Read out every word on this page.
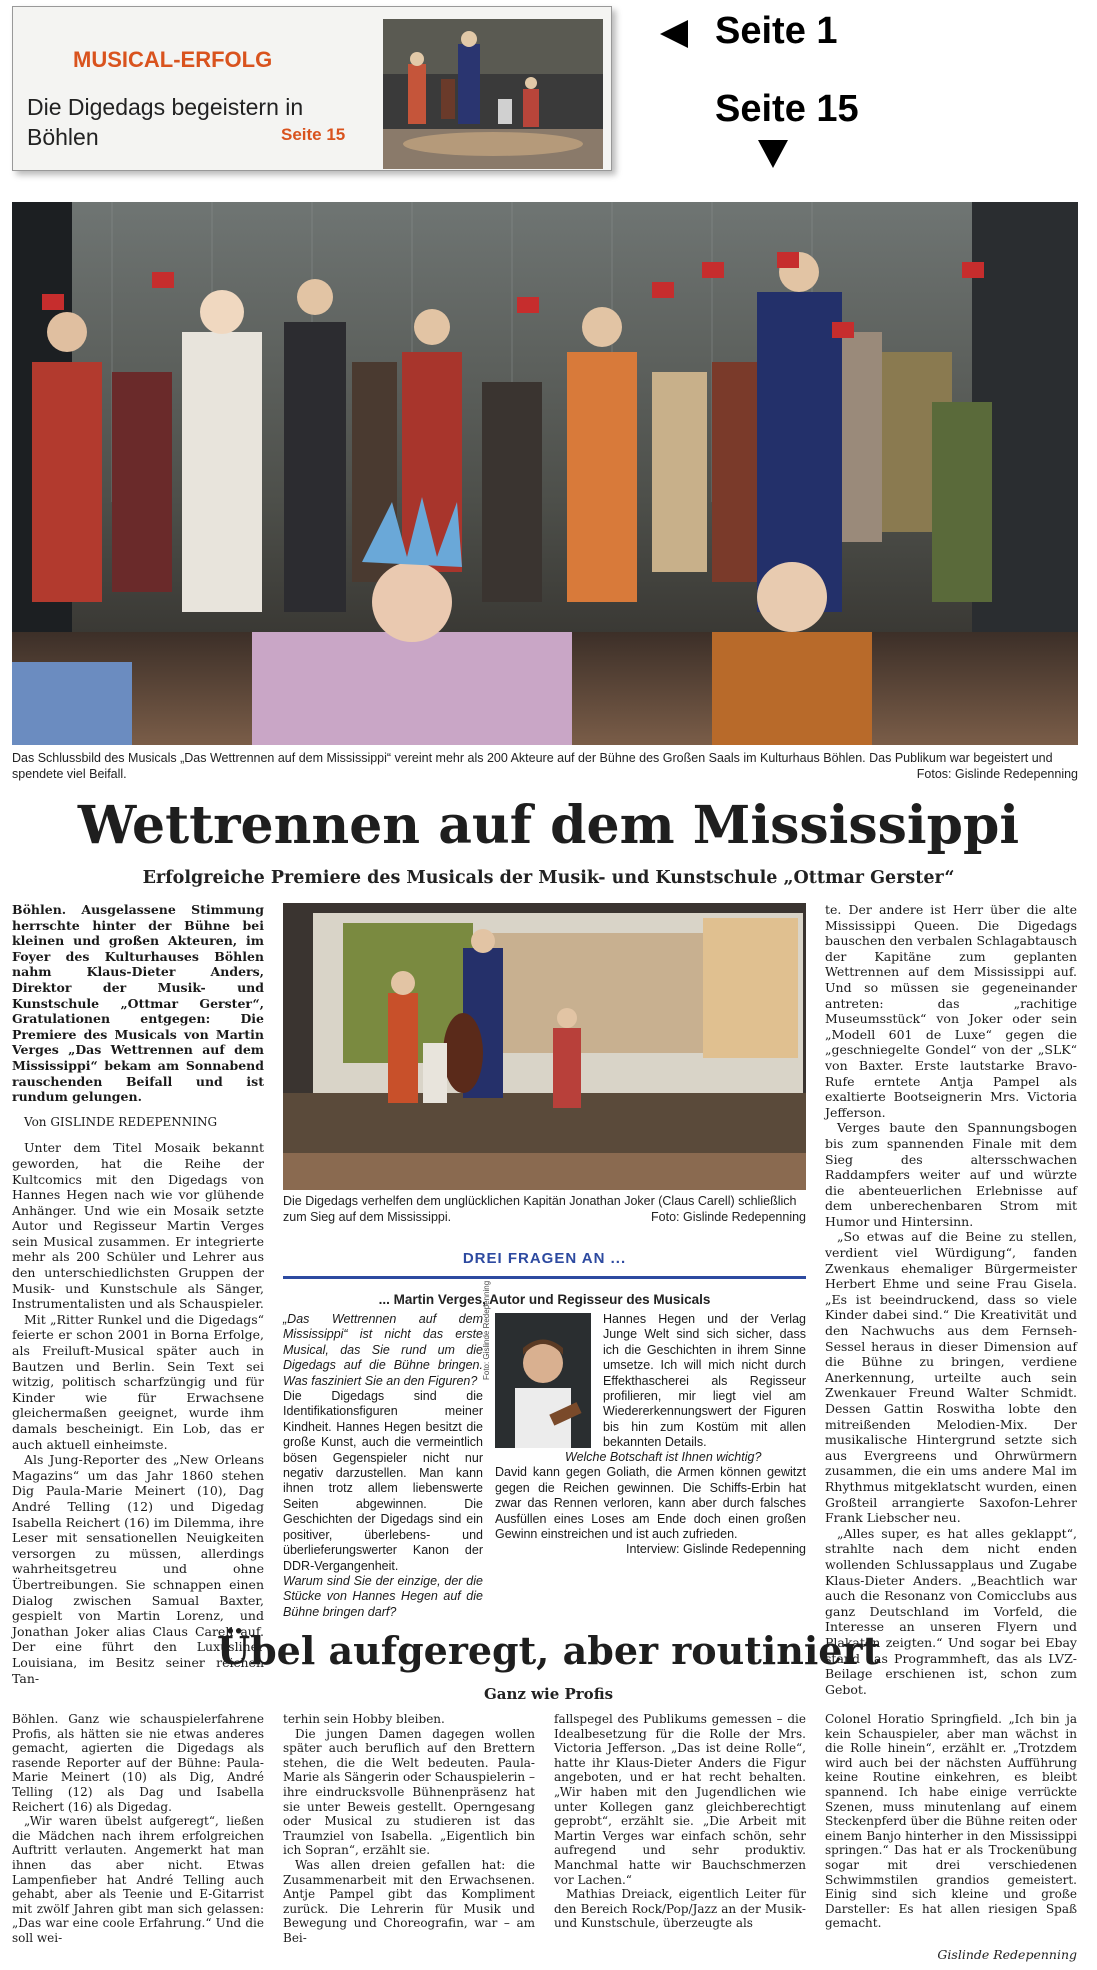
MUSICAL-ERFOLG
Die Digedags begeistern in Böhlen	Seite 15
Seite 1
Seite 15
Das Schlussbild des Musicals „Das Wettrennen auf dem Mississippi“ vereint mehr als 200 Akteure auf der Bühne des Großen Saals im Kulturhaus Böhlen. Das Publikum war begeistert und spendete viel Beifall.	Fotos: Gislinde Redepenning
Wettrennen auf dem Mississippi
Erfolgreiche Premiere des Musicals der Musik- und Kunstschule „Ottmar Gerster“

Böhlen. Ausgelassene Stimmung herrschte hinter der Bühne bei kleinen und großen Akteuren, im Foyer des Kulturhauses Böhlen nahm Klaus-Dieter Anders, Direktor der Musik- und Kunstschule „Ottmar Gerster“, Gratulationen entgegen: Die Premiere des Musicals von Martin Verges „Das Wettrennen auf dem Mississippi“ bekam am Sonnabend rauschenden Beifall und ist rundum gelungen.

Von GISLINDE REDEPENNING

Unter dem Titel Mosaik bekannt geworden, hat die Reihe der Kultcomics mit den Digedags von Hannes Hegen nach wie vor glühende Anhänger. Und wie ein Mosaik setzte Autor und Regisseur Martin Verges sein Musical zusammen. Er integrierte mehr als 200 Schüler und Lehrer aus den unterschiedlichsten Gruppen der Musik- und Kunstschule als Sänger, Instrumentalisten und als Schauspieler.

Mit „Ritter Runkel und die Digedags“ feierte er schon 2001 in Borna Erfolge, als Freiluft-Musical später auch in Bautzen und Berlin. Sein Text sei witzig, politisch scharfzüngig und für Kinder wie für Erwachsene gleichermaßen geeignet, wurde ihm damals bescheinigt. Ein Lob, das er auch aktuell einheimste.

Als Jung-Reporter des „New Orleans Magazins“ um das Jahr 1860 stehen Dig Paula-Marie Meinert (10), Dag André Telling (12) und Digedag Isabella Reichert (16) im Dilemma, ihre Leser mit sensationellen Neuigkeiten versorgen zu müssen, allerdings wahrheitsgetreu und ohne Übertreibungen. Sie schnappen einen Dialog zwischen Samual Baxter, gespielt von Martin Lorenz, und Jonathan Joker alias Claus Carell auf. Der eine führt den Luxusliner Louisiana, im Besitz seiner reichen Tan-

Die Digedags verhelfen dem unglücklichen Kapitän Jonathan Joker (Claus Carell) schließlich zum Sieg auf dem Mississippi.	Foto: Gislinde Redepenning
DREI FRAGEN AN ...
... Martin Verges, Autor und Regisseur des Musicals

„Das Wettrennen auf dem Mississippi“ ist nicht das erste Musical, das Sie rund um die Digedags auf die Bühne bringen. Was fasziniert Sie an den Figuren?

Die Digedags sind die Identifikationsfiguren meiner Kindheit. Hannes Hegen besitzt die große Kunst, auch die vermeintlich bösen Gegenspieler nicht nur negativ darzustellen. Man kann ihnen trotz allem liebenswerte Seiten abgewinnen. Die Geschichten der Digedags sind ein positiver, überlebens- und überlieferungswerter Kanon der DDR-Vergangenheit.

Warum sind Sie der einzige, der die Stücke von Hannes Hegen auf die Bühne bringen darf?

Foto: Gislinde Redepenning	Hannes Hegen und der Verlag Junge Welt sind sich sicher, dass ich die Geschichten in ihrem Sinne umsetze. Ich will mich nicht durch Effekthascherei als Regisseur profilieren, mir liegt viel am Wiedererkennungswert der Figuren bis hin zum Kostüm mit allen bekannten Details.

Welche Botschaft ist Ihnen wichtig?

David kann gegen Goliath, die Armen können gewitzt gegen die Reichen gewinnen. Die Schiffs-Erbin hat zwar das Rennen verloren, kann aber durch falsches Ausfüllen eines Loses am Ende doch einen großen Gewinn einstreichen und ist auch zufrieden.

Interview: Gislinde Redepenning

te. Der andere ist Herr über die alte Mississippi Queen. Die Digedags bauschen den verbalen Schlagabtausch der Kapitäne zum geplanten Wettrennen auf dem Mississippi auf. Und so müssen sie gegeneinander antreten: das „rachitige Museumsstück“ von Joker oder sein „Modell 601 de Luxe“ gegen die „geschniegelte Gondel“ von der „SLK“ von Baxter. Erste lautstarke Bravo-Rufe erntete Antja Pampel als exaltierte Bootseignerin Mrs. Victoria Jefferson.

Verges baute den Spannungsbogen bis zum spannenden Finale mit dem Sieg des altersschwachen Raddampfers weiter auf und würzte die abenteuerlichen Erlebnisse auf dem unberechenbaren Strom mit Humor und Hintersinn.

„So etwas auf die Beine zu stellen, verdient viel Würdigung“, fanden Zwenkaus ehemaliger Bürgermeister Herbert Ehme und seine Frau Gisela. „Es ist beeindruckend, dass so viele Kinder dabei sind.“ Die Kreativität und den Nachwuchs aus dem Fernseh-Sessel heraus in dieser Dimension auf die Bühne zu bringen, verdiene Anerkennung, urteilte auch sein Zwenkauer Freund Walter Schmidt. Dessen Gattin Roswitha lobte den mitreißenden Melodien-Mix. Der musikalische Hintergrund setzte sich aus Evergreens und Ohrwürmern zusammen, die ein ums andere Mal im Rhythmus mitgeklatscht wurden, einen Großteil arrangierte Saxofon-Lehrer Frank Liebscher neu.

„Alles super, es hat alles geklappt“, strahlte nach dem nicht enden wollenden Schlussapplaus und Zugabe Klaus-Dieter Anders. „Beachtlich war auch die Resonanz von Comicclubs aus ganz Deutschland im Vorfeld, die Interesse an unseren Flyern und Plakaten zeigten.“ Und sogar bei Ebay stand das Programmheft, das als LVZ-Beilage erschienen ist, schon zum Gebot.

Übel aufgeregt, aber routiniert
Ganz wie Profis

Böhlen. Ganz wie schauspielerfahrene Profis, als hätten sie nie etwas anderes gemacht, agierten die Digedags als rasende Reporter auf der Bühne: Paula-Marie Meinert (10) als Dig, André Telling (12) als Dag und Isabella Reichert (16) als Digedag.

„Wir waren übelst aufgeregt“, ließen die Mädchen nach ihrem erfolgreichen Auftritt verlauten. Angemerkt hat man ihnen das aber nicht. Etwas Lampenfieber hat André Telling auch gehabt, aber als Teenie und E-Gitarrist mit zwölf Jahren gibt man sich gelassen: „Das war eine coole Erfahrung.“ Und die soll wei-

terhin sein Hobby bleiben.

Die jungen Damen dagegen wollen später auch beruflich auf den Brettern stehen, die die Welt bedeuten. Paula-Marie als Sängerin oder Schauspielerin – ihre eindrucksvolle Bühnenpräsenz hat sie unter Beweis gestellt. Operngesang oder Musical zu studieren ist das Traumziel von Isabella. „Eigentlich bin ich Sopran“, erzählt sie.

Was allen dreien gefallen hat: die Zusammenarbeit mit den Erwachsenen. Antje Pampel gibt das Kompliment zurück. Die Lehrerin für Musik und Bewegung und Choreografin, war – am Bei-

fallspegel des Publikums gemessen – die Idealbesetzung für die Rolle der Mrs. Victoria Jefferson. „Das ist deine Rolle“, hatte ihr Klaus-Dieter Anders die Figur angeboten, und er hat recht behalten. „Wir haben mit den Jugendlichen wie unter Kollegen ganz gleichberechtigt geprobt“, erzählt sie. „Die Arbeit mit Martin Verges war einfach schön, sehr aufregend und sehr produktiv. Manchmal hatte wir Bauchschmerzen vor Lachen.“

Mathias Dreiack, eigentlich Leiter für den Bereich Rock/Pop/Jazz an der Musik- und Kunstschule, überzeugte als

Colonel Horatio Springfield. „Ich bin ja kein Schauspieler, aber man wächst in die Rolle hinein“, erzählt er. „Trotzdem wird auch bei der nächsten Aufführung keine Routine einkehren, es bleibt spannend. Ich habe einige verrückte Szenen, muss minutenlang auf einem Steckenpferd über die Bühne reiten oder einem Banjo hinterher in den Mississippi springen.“ Das hat er als Trockenübung sogar mit drei verschiedenen Schwimmstilen grandios gemeistert. Einig sind sich kleine und große Darsteller: Es hat allen riesigen Spaß gemacht.

Gislinde Redepenning
